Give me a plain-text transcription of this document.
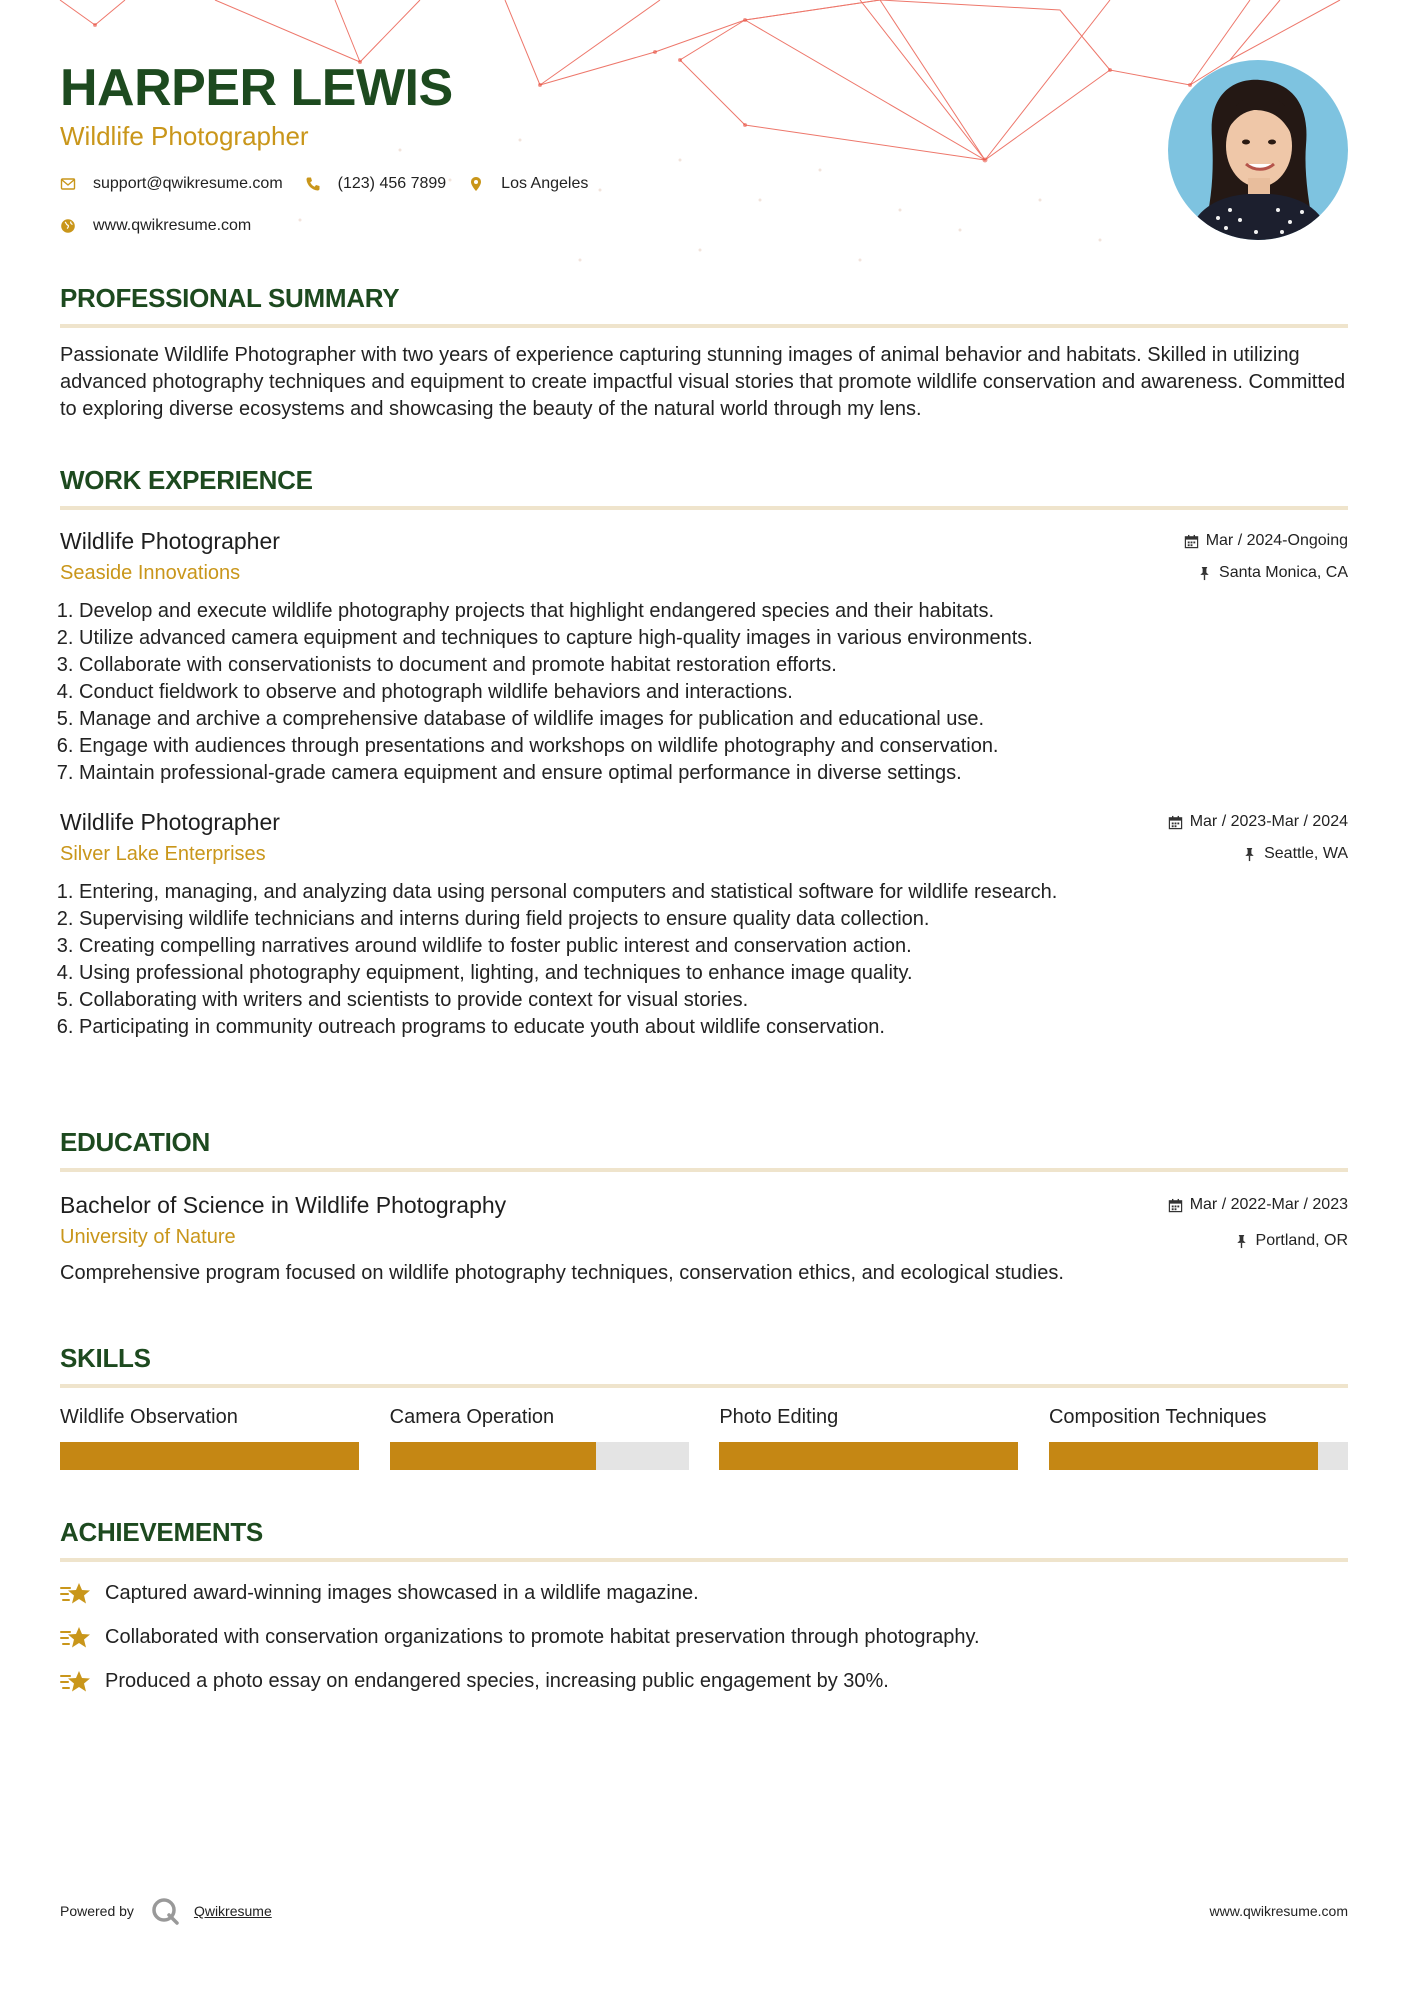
HARPER LEWIS
Wildlife Photographer
support@qwikresume.com	(123) 456 7899	Los Angeles
www.qwikresume.com
PROFESSIONAL SUMMARY

Passionate Wildlife Photographer with two years of experience capturing stunning images of animal behavior and habitats. Skilled in utilizing advanced photography techniques and equipment to create impactful visual stories that promote wildlife conservation and awareness. Committed to exploring diverse ecosystems and showcasing the beauty of the natural world through my lens.

WORK EXPERIENCE
Wildlife Photographer
Seaside Innovations
Mar / 2024-Ongoing
Santa Monica, CA
1. Develop and execute wildlife photography projects that highlight endangered species and their habitats.
2. Utilize advanced camera equipment and techniques to capture high-quality images in various environments.
3. Collaborate with conservationists to document and promote habitat restoration efforts.
4. Conduct fieldwork to observe and photograph wildlife behaviors and interactions.
5. Manage and archive a comprehensive database of wildlife images for publication and educational use.
6. Engage with audiences through presentations and workshops on wildlife photography and conservation.
7. Maintain professional-grade camera equipment and ensure optimal performance in diverse settings.
Wildlife Photographer
Silver Lake Enterprises
Mar / 2023-Mar / 2024
Seattle, WA
1. Entering, managing, and analyzing data using personal computers and statistical software for wildlife research.
2. Supervising wildlife technicians and interns during field projects to ensure quality data collection.
3. Creating compelling narratives around wildlife to foster public interest and conservation action.
4. Using professional photography equipment, lighting, and techniques to enhance image quality.
5. Collaborating with writers and scientists to provide context for visual stories.
6. Participating in community outreach programs to educate youth about wildlife conservation.
EDUCATION
Bachelor of Science in Wildlife Photography
University of Nature
Mar / 2022-Mar / 2023
Portland, OR

Comprehensive program focused on wildlife photography techniques, conservation ethics, and ecological studies.

SKILLS
Wildlife Observation	Camera Operation	Photo Editing	Composition Techniques
ACHIEVEMENTS
Captured award-winning images showcased in a wildlife magazine.
Collaborated with conservation organizations to promote habitat preservation through photography.
Produced a photo essay on endangered species, increasing public engagement by 30%.
Powered by	Qwikresume	www.qwikresume.com
